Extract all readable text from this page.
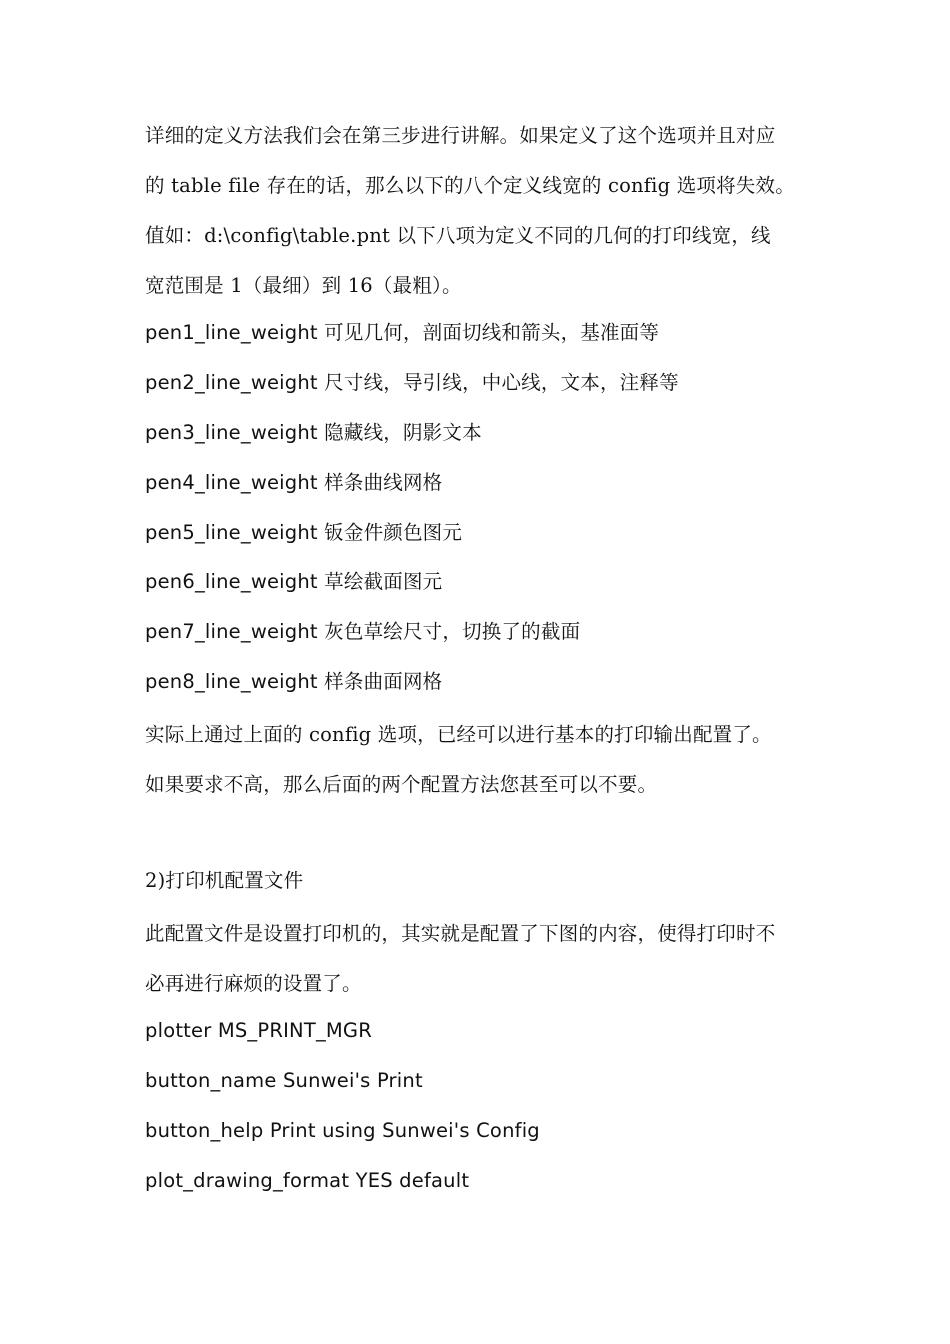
详细的定义方法我们会在第三步进行讲解。如果定义了这个选项并且对应
的 table file 存在的话，那么以下的八个定义线宽的 config 选项将失效。
值如：d:\config\table.pnt 以下八项为定义不同的几何的打印线宽，线
宽范围是 1（最细）到 16（最粗）。
pen1_line_weight 可见几何，剖面切线和箭头，基准面等
pen2_line_weight 尺寸线，导引线，中心线，文本，注释等
pen3_line_weight 隐藏线，阴影文本
pen4_line_weight 样条曲线网格
pen5_line_weight 钣金件颜色图元
pen6_line_weight 草绘截面图元
pen7_line_weight 灰色草绘尺寸，切换了的截面
pen8_line_weight 样条曲面网格
实际上通过上面的 config 选项，已经可以进行基本的打印输出配置了。
如果要求不高，那么后面的两个配置方法您甚至可以不要。
2)打印机配置文件
此配置文件是设置打印机的，其实就是配置了下图的内容，使得打印时不
必再进行麻烦的设置了。
plotter MS_PRINT_MGR
button_name Sunwei's Print
button_help Print using Sunwei's Config
plot_drawing_format YES default
